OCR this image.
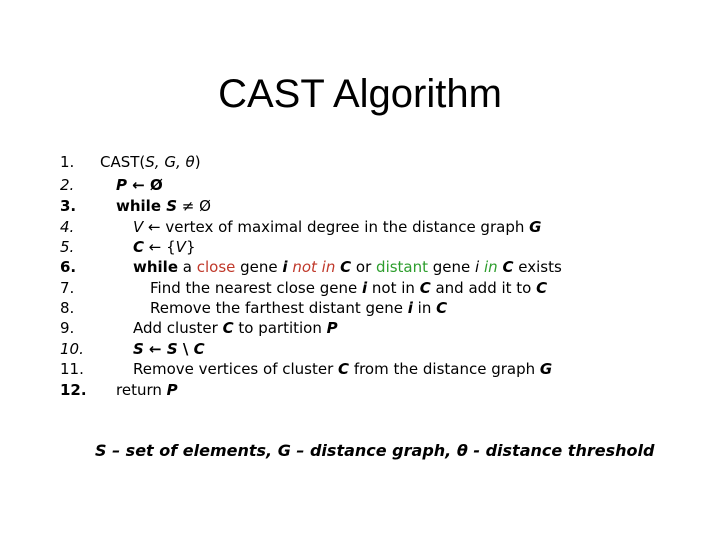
CAST Algorithm
1. CAST(S, G, θ)
2.	P ← Ø
3.	while S ≠ Ø
4.	V ← vertex of maximal degree in the distance graph G
5.	C ← {V}
6.	while a close gene i not in C or distant gene i in C exists
7.	Find the nearest close gene i not in C and add it to C
8.	Remove the farthest distant gene i in C
9.	Add cluster C to partition P
10.	S ← S \ C
11.	Remove vertices of cluster C from the distance graph G
12. return P
S – set of elements, G – distance graph, θ - distance threshold
